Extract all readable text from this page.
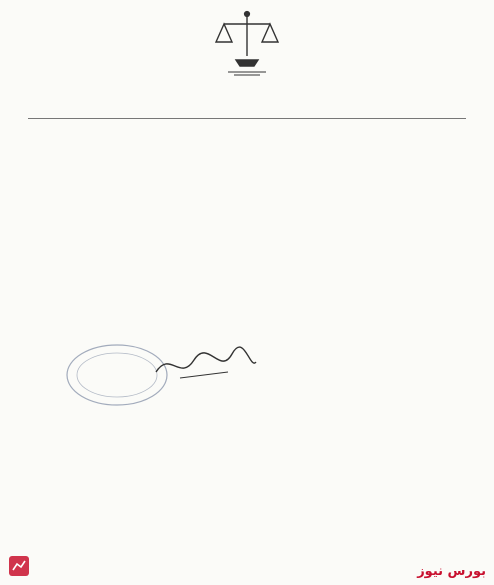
بورس نیوز
